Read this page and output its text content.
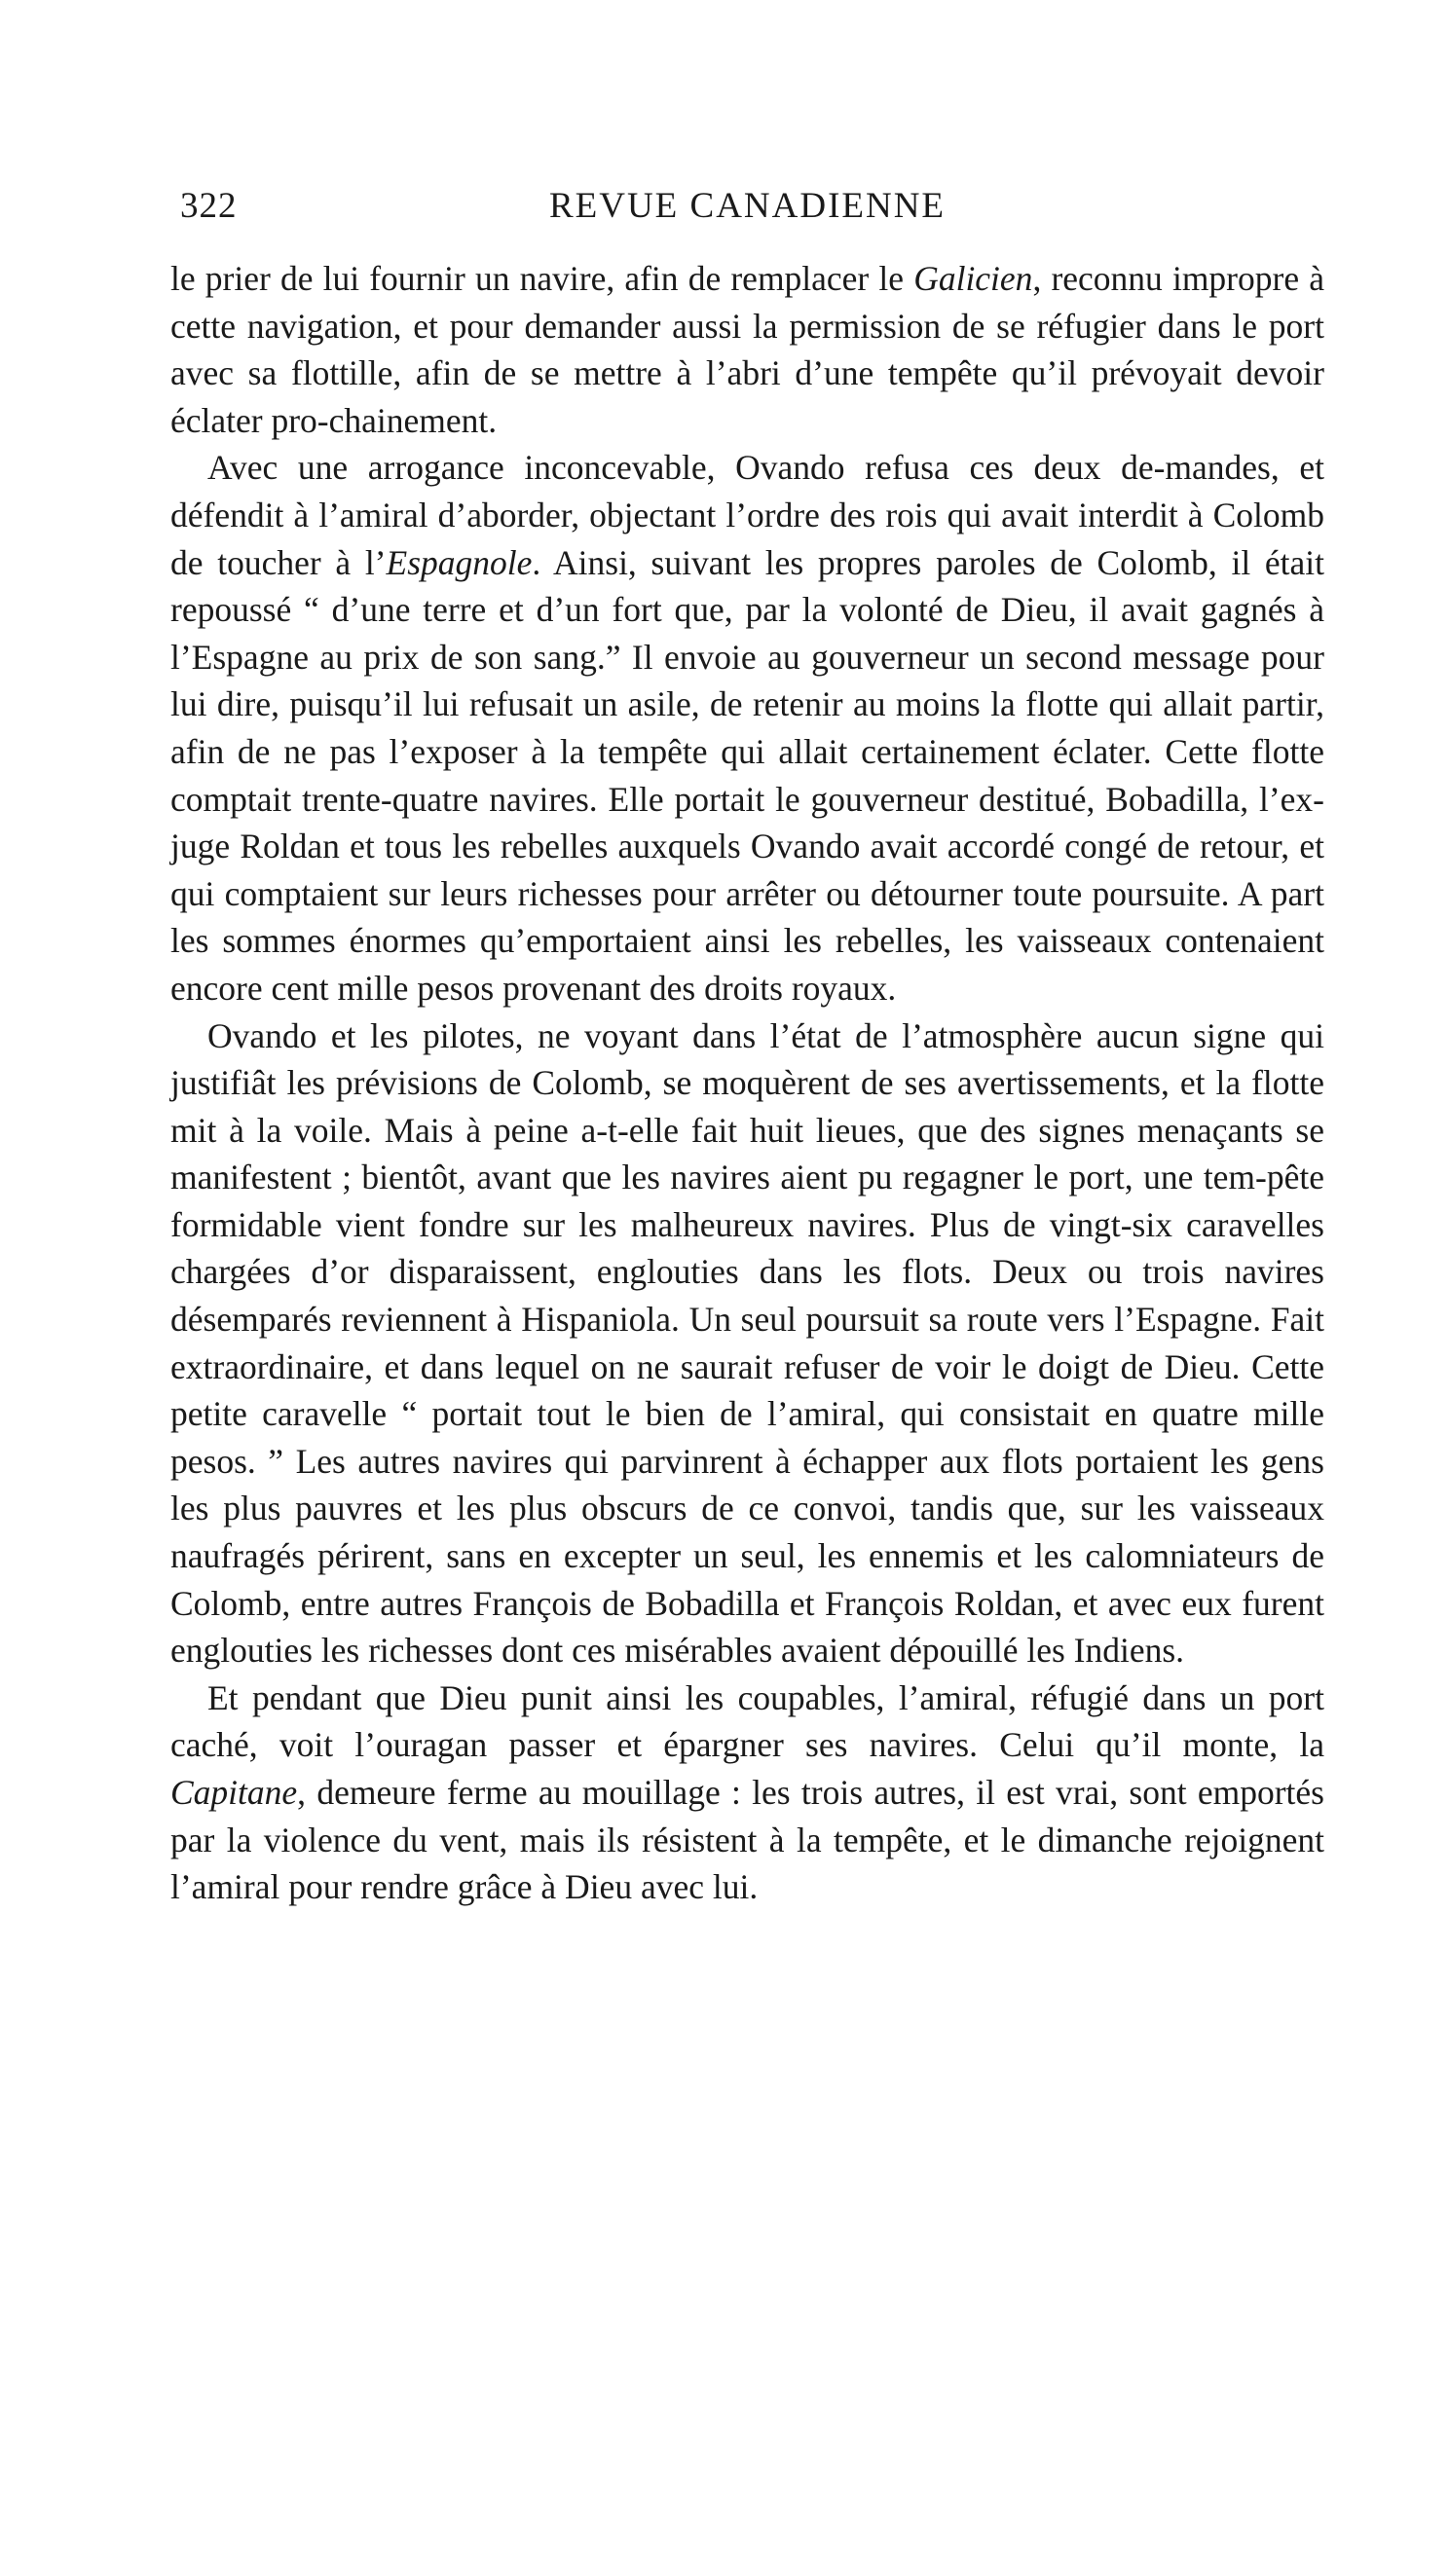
322	REVUE CANADIENNE

le prier de lui fournir un navire, afin de remplacer le Galicien, reconnu impropre à cette navigation, et pour demander aussi la permission de se réfugier dans le port avec sa flottille, afin de se mettre à l’abri d’une tempête qu’il prévoyait devoir éclater pro-chainement.

Avec une arrogance inconcevable, Ovando refusa ces deux de-mandes, et défendit à l’amiral d’aborder, objectant l’ordre des rois qui avait interdit à Colomb de toucher à l’Espagnole. Ainsi, suivant les propres paroles de Colomb, il était repoussé “ d’une terre et d’un fort que, par la volonté de Dieu, il avait gagnés à l’Espagne au prix de son sang.” Il envoie au gouverneur un second message pour lui dire, puisqu’il lui refusait un asile, de retenir au moins la flotte qui allait partir, afin de ne pas l’exposer à la tempête qui allait certainement éclater. Cette flotte comptait trente-quatre navires. Elle portait le gouverneur destitué, Bobadilla, l’ex-juge Roldan et tous les rebelles auxquels Ovando avait accordé congé de retour, et qui comptaient sur leurs richesses pour arrêter ou détourner toute poursuite. A part les sommes énormes qu’emportaient ainsi les rebelles, les vaisseaux contenaient encore cent mille pesos provenant des droits royaux.

Ovando et les pilotes, ne voyant dans l’état de l’atmosphère aucun signe qui justifiât les prévisions de Colomb, se moquèrent de ses avertissements, et la flotte mit à la voile. Mais à peine a-t-elle fait huit lieues, que des signes menaçants se manifestent ; bientôt, avant que les navires aient pu regagner le port, une tem-pête formidable vient fondre sur les malheureux navires. Plus de vingt-six caravelles chargées d’or disparaissent, englouties dans les flots. Deux ou trois navires désemparés reviennent à Hispaniola. Un seul poursuit sa route vers l’Espagne. Fait extraordinaire, et dans lequel on ne saurait refuser de voir le doigt de Dieu. Cette petite caravelle “ portait tout le bien de l’amiral, qui consistait en quatre mille pesos. ” Les autres navires qui parvinrent à échapper aux flots portaient les gens les plus pauvres et les plus obscurs de ce convoi, tandis que, sur les vaisseaux naufragés périrent, sans en excepter un seul, les ennemis et les calomniateurs de Colomb, entre autres François de Bobadilla et François Roldan, et avec eux furent englouties les richesses dont ces misérables avaient dépouillé les Indiens.

Et pendant que Dieu punit ainsi les coupables, l’amiral, réfugié dans un port caché, voit l’ouragan passer et épargner ses navires. Celui qu’il monte, la Capitane, demeure ferme au mouillage : les trois autres, il est vrai, sont emportés par la violence du vent, mais ils résistent à la tempête, et le dimanche rejoignent l’amiral pour rendre grâce à Dieu avec lui.
